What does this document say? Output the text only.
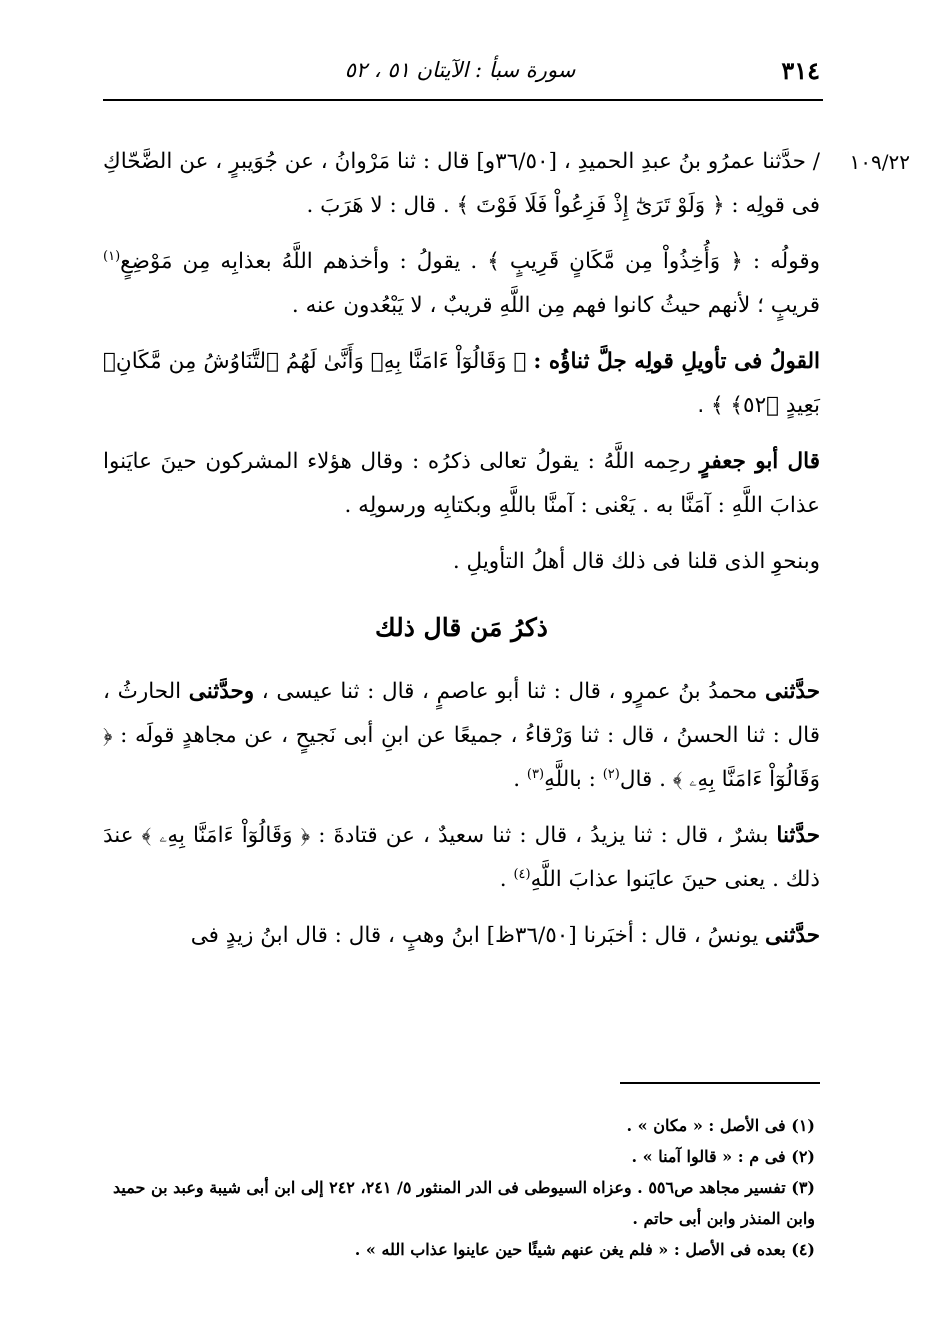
٣١٤
سورة سبأ : الآيتان ٥١ ، ٥٢
١٠٩/٢٢

/ حدَّثنا عمرُو بنُ عبدِ الحميدِ ، [٣٦/٥٠و] قال : ثنا مَرْوانُ ، عن جُوَيبرٍ ، عن الضَّحّاكِ فى قولِه : ﴿ وَلَوْ تَرَىٰٓ إِذْ فَزِعُواْ فَلَا فَوْتَ ﴾ . قال : لا هَرَبَ .

وقولُه : ﴿ وَأُخِذُواْ مِن مَّكَانٍ قَرِيبٍ ﴾ . يقولُ : وأخذهم اللَّهُ بعذابِه مِن مَوْضِعٍ$^{(١)}$ قريبٍ ؛ لأنهم حيثُ كانوا فهم مِن اللَّهِ قريبٌ ، لا يَبْعُدون عنه .

القولُ فى تأويلِ قولِه جلَّ ثناؤُه : ﴿ وَقَالُوٓاْ ءَامَنَّا بِهِۦ وَأَنَّىٰ لَهُمُ ٱلتَّنَاوُشُ مِن مَّكَانِۭ بَعِيدٍ ﴿٥٢﴾ ﴾ .

قال أبو جعفرٍ رحِمه اللَّهُ : يقولُ تعالى ذكرُه : وقال هؤلاء المشركون حينَ عايَنوا عذابَ اللَّهِ : آمَنَّا به . يَعْنى : آمنَّا باللَّهِ وبكتابِه ورسولِه .

وبنحوِ الذى قلنا فى ذلك قال أهلُ التأويلِ .

ذكرُ مَن قال ذلك

حدَّثنى محمدُ بنُ عمرٍو ، قال : ثنا أبو عاصمٍ ، قال : ثنا عيسى ، وحدَّثنى الحارثُ ، قال : ثنا الحسنُ ، قال : ثنا وَرْقاءُ ، جميعًا عن ابنِ أبى نَجيحٍ ، عن مجاهدٍ قولَه : ﴿ وَقَالُوٓاْ ءَامَنَّا بِهِۦ ﴾ . قال$^{(٢)}$ : باللَّهِ$^{(٣)}$ .

حدَّثنا بشرٌ ، قال : ثنا يزيدُ ، قال : ثنا سعيدٌ ، عن قتادةَ : ﴿ وَقَالُوٓاْ ءَامَنَّا بِهِۦ ﴾ عندَ ذلك . يعنى حينَ عايَنوا عذابَ اللَّهِ$^{(٤)}$ .

حدَّثنى يونسُ ، قال : أخبَرنا [٣٦/٥٠ظ] ابنُ وهبٍ ، قال : قال ابنُ زيدٍ فى

(١) فى الأصل : « مكان » .
(٢) فى م : « قالوا آمنا » .
(٣) تفسير مجاهد ص٥٥٦ . وعزاه السيوطى فى الدر المنثور ٥/ ٢٤١، ٢٤٢ إلى ابن أبى شيبة وعبد بن حميد وابن المنذر وابن أبى حاتم .
(٤) بعده فى الأصل : « فلم يغن عنهم شيئًا حين عاينوا عذاب الله » .
